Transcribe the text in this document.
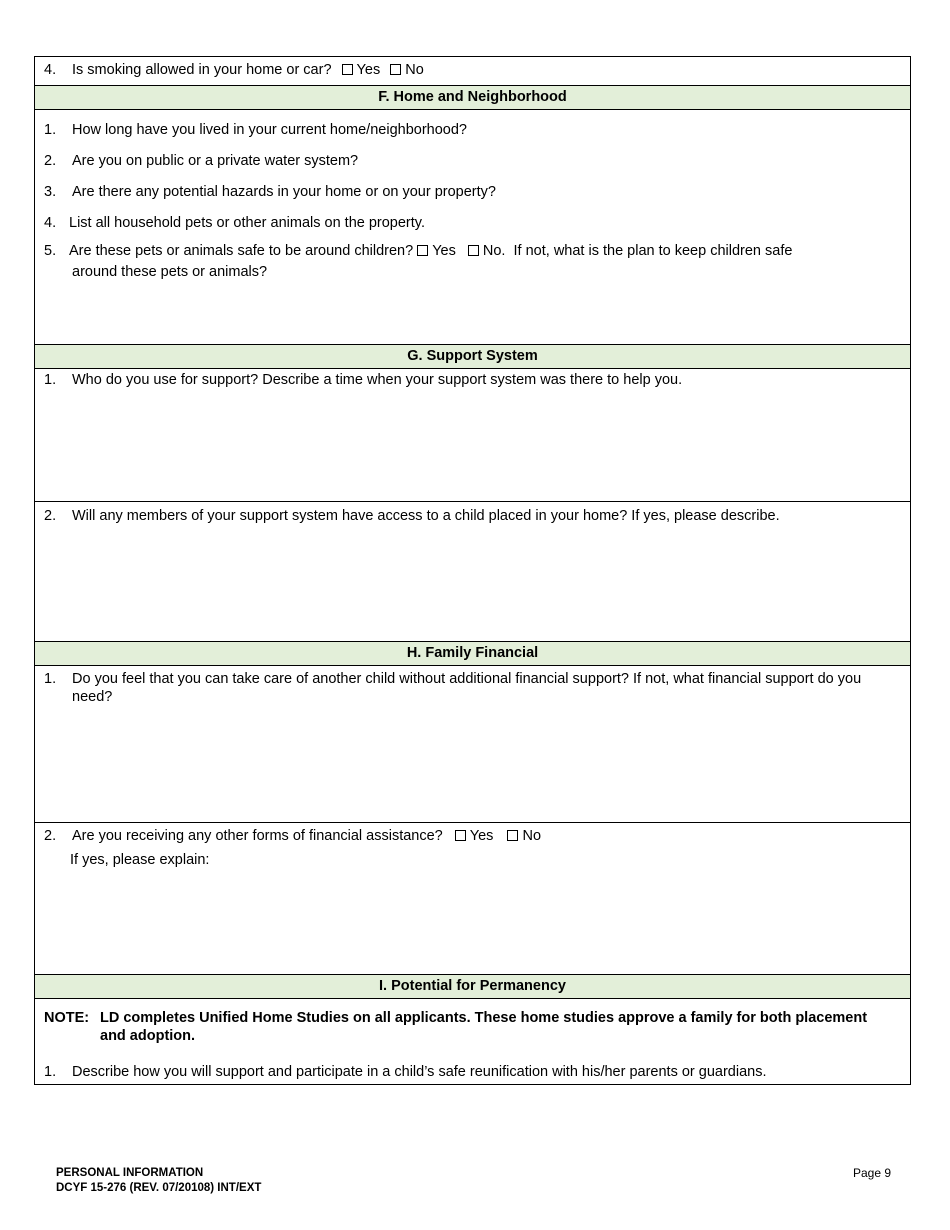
4. Is smoking allowed in your home or car? Yes No
F. Home and Neighborhood
1. How long have you lived in your current home/neighborhood?
2. Are you on public or a private water system?
3. Are there any potential hazards in your home or on your property?
4. List all household pets or other animals on the property.
5. Are these pets or animals safe to be around children? Yes No. If not, what is the plan to keep children safe
around these pets or animals?
G. Support System
1. Who do you use for support? Describe a time when your support system was there to help you.
2. Will any members of your support system have access to a child placed in your home? If yes, please describe.
H. Family Financial
1. Do you feel that you can take care of another child without additional financial support? If not, what financial support do you need?
2. Are you receiving any other forms of financial assistance? Yes No
If yes, please explain:
I. Potential for Permanency
NOTE: LD completes Unified Home Studies on all applicants. These home studies approve a family for both placement and adoption.
1. Describe how you will support and participate in a child’s safe reunification with his/her parents or guardians.
PERSONAL INFORMATION
DCYF 15-276 (REV. 07/20108) INT/EXT
Page 9
